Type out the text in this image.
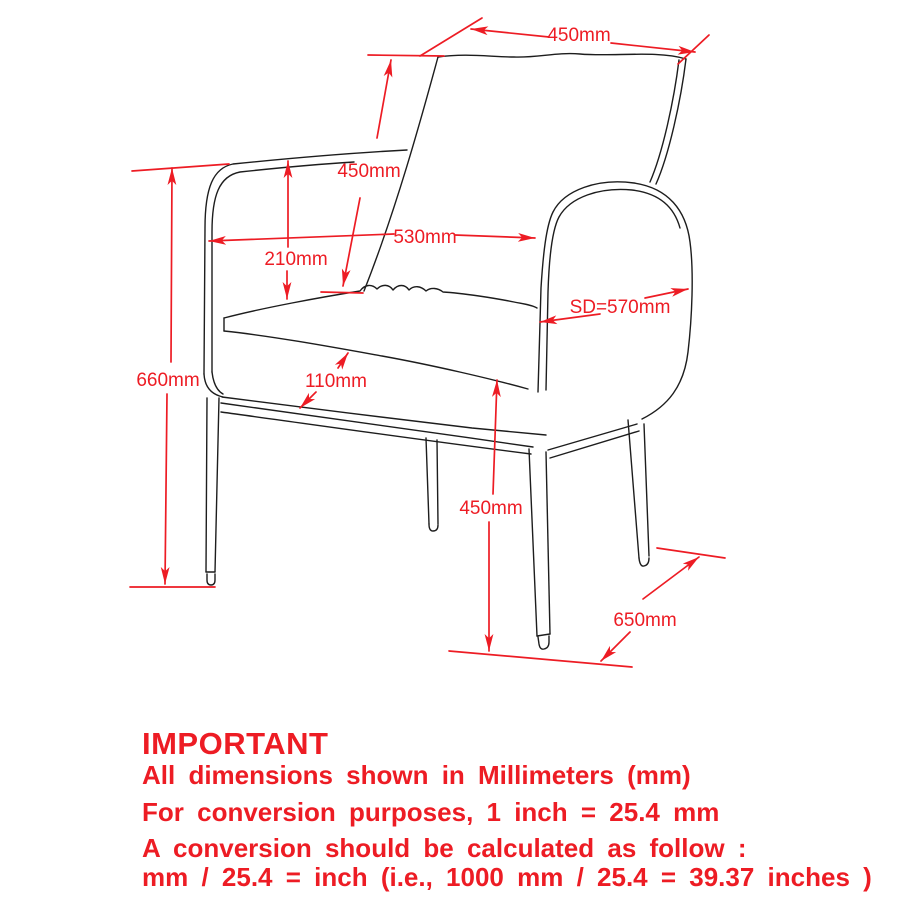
450mm
450mm
530mm
210mm
SD=570mm
660mm	110mm
450mm
650mm
IMPORTANT
All dimensions shown in Millimeters (mm)
For conversion purposes, 1 inch = 25.4 mm
A conversion should be calculated as follow :
mm / 25.4 = inch (i.e., 1000 mm / 25.4 = 39.37 inches )
